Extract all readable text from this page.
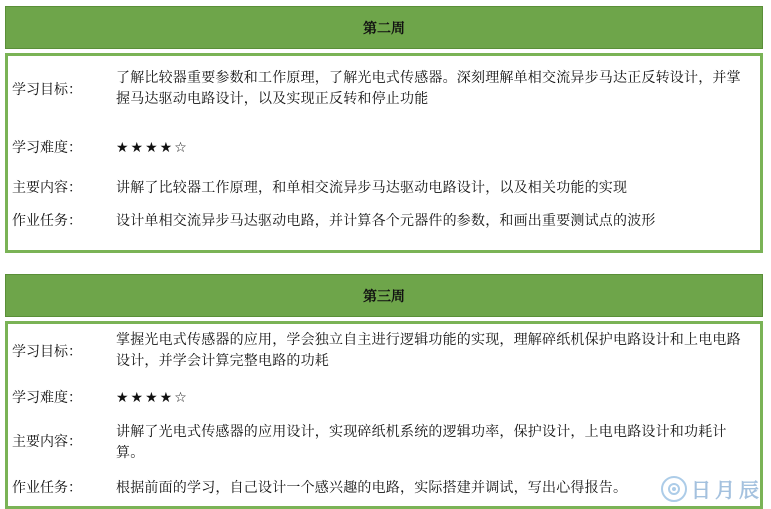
第二周
学习目标：
了解比较器重要参数和工作原理，了解光电式传感器。深刻理解单相交流异步马达正反转设计，并掌握马达驱动电路设计，以及实现正反转和停止功能
学习难度：	★★★★☆
主要内容：	讲解了比较器工作原理，和单相交流异步马达驱动电路设计，以及相关功能的实现
作业任务：	设计单相交流异步马达驱动电路，并计算各个元器件的参数，和画出重要测试点的波形
第三周
学习目标：
掌握光电式传感器的应用，学会独立自主进行逻辑功能的实现，理解碎纸机保护电路设计和上电电路设计，并学会计算完整电路的功耗
学习难度：	★★★★☆
主要内容：
讲解了光电式传感器的应用设计，实现碎纸机系统的逻辑功率，保护设计，上电电路设计和功耗计算。
作业任务：	根据前面的学习，自己设计一个感兴趣的电路，实际搭建并调试，写出心得报告。	日月辰
